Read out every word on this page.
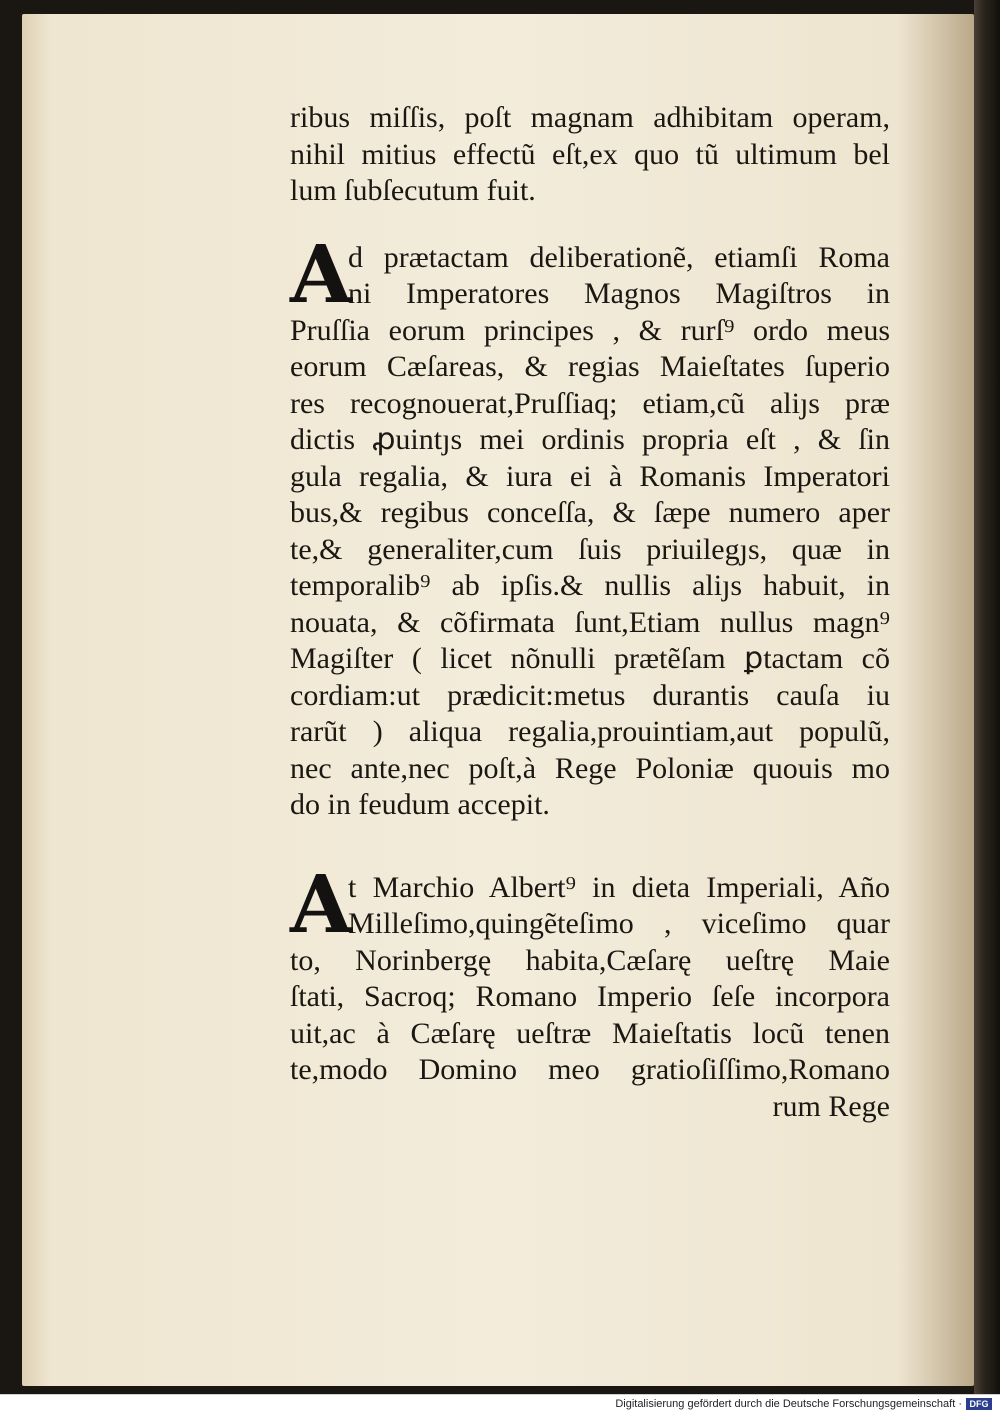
ribus miſſis, poſt magnam adhibitam operam,
nihil mitius effectũ eſt,ex quo tũ ultimum bel
lum ſubſecutum fuit.
A
d prætactam deliberationẽ, etiamſi Roma
ni Imperatores Magnos Magiſtros in
Pruſſia eorum principes , & rurſ⁹ ordo meus
eorum Cæſareas, & regias Maieſtates ſuperio
res recognouerat,Pruſſiaq; etiam,cũ aliȷs præ
dictis ꝓuintȷs mei ordinis propria eſt , & ſin
gula regalia, & iura ei à Romanis Imperatori
bus,& regibus conceſſa, & ſæpe numero aper
te,& generaliter,cum ſuis priuilegȷs, quæ in
temporalib⁹ ab ipſis.& nullis aliȷs habuit, in
nouata, & cõfirmata ſunt,Etiam nullus magn⁹
Magiſter ( licet nõnulli prætẽſam ꝑtactam cõ
cordiam:ut prædicit:metus durantis cauſa iu
rarũt ) aliqua regalia,prouintiam,aut populũ,
nec ante,nec poſt,à Rege Poloniæ quouis mo
do in feudum accepit.
A
t Marchio Albert⁹ in dieta Imperiali, Año
Milleſimo,quingẽteſimo , viceſimo quar
to, Norinbergę habita,Cæſarę ueſtrę Maie
ſtati, Sacroq; Romano Imperio ſeſe incorpora
uit,ac à Cæſarę ueſtræ Maieſtatis locũ tenen
te,modo Domino meo gratioſiſſimo,Romano
rum Rege
Digitalisierung gefördert durch die Deutsche Forschungsgemeinschaft · DFG
